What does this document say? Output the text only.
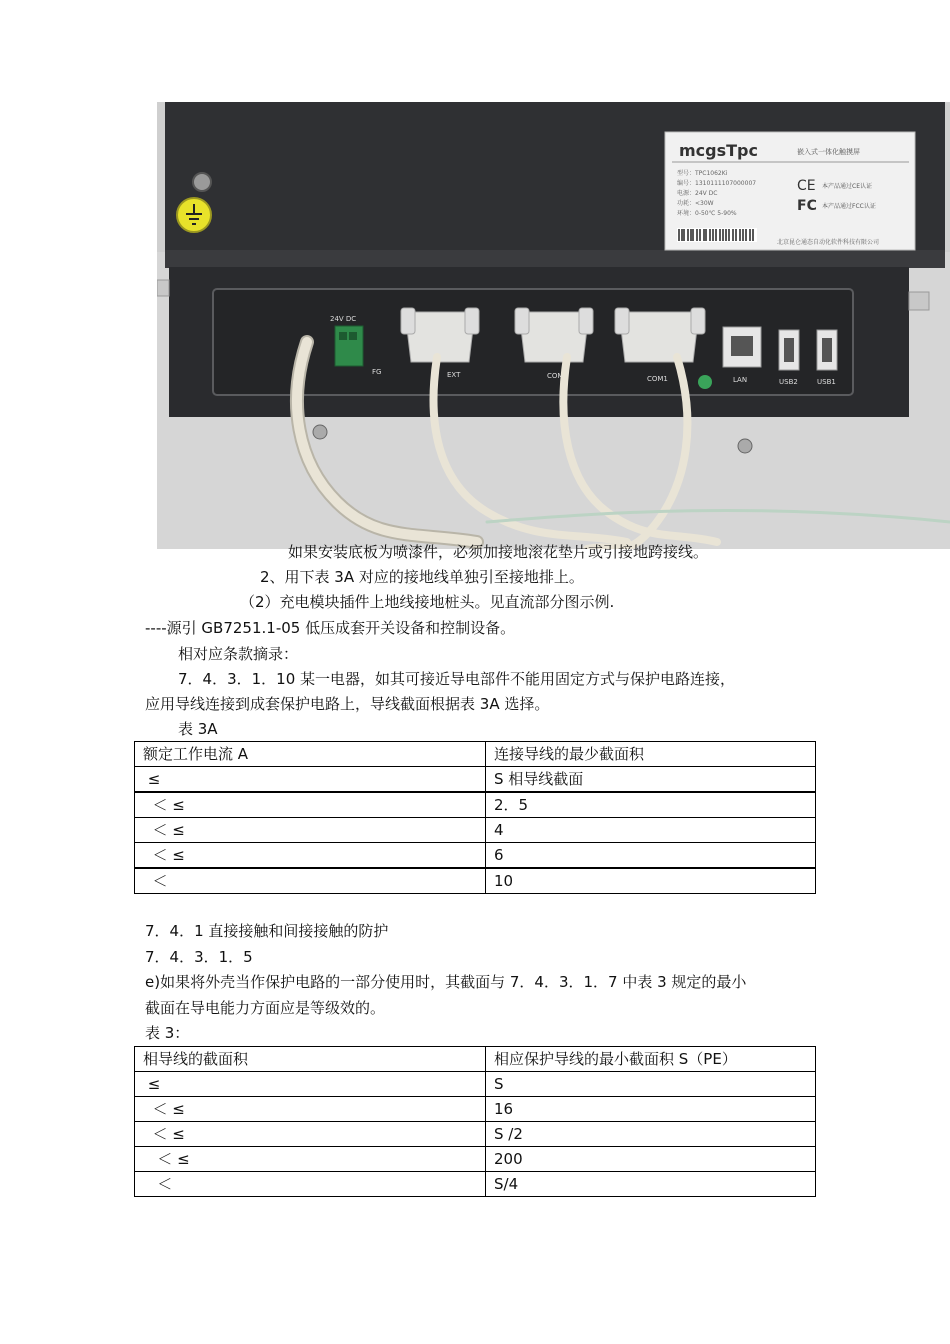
mcgsTpc	嵌入式一体化触摸屏
型号：TPC1062Ki
编号：1310111107000007
电源：24V DC
功耗：<30W
环境：0-50℃ 5-90%
CE 本产品通过CE认证
FC 本产品通过FCC认证
北京昆仑通态自动化软件科技有限公司
24V DC
FG	EXT	COM2	COM1	LAN	USB2	USB1
如果安装底板为喷漆件，必须加接地滚花垫片或引接地跨接线。
2、用下表 3A 对应的接地线单独引至接地排上。
（2）充电模块插件上地线接地桩头。见直流部分图示例.
----源引 GB7251.1-05 低压成套开关设备和控制设备。
相对应条款摘录：
7．4．3．1．10 某一电器，如其可接近导电部件不能用固定方式与保护电路连接，
应用导线连接到成套保护电路上，导线截面根据表 3A 选择。
表 3A
额定工作电流 A	连接导线的最少截面积
≤	S 相导线截面
＜ ≤	2．5
＜ ≤	4
＜ ≤	6
＜	10
7．4．1 直接接触和间接接触的防护
7．4．3．1．5
e)如果将外壳当作保护电路的一部分使用时，其截面与 7．4．3．1．7 中表 3 规定的最小
截面在导电能力方面应是等级效的。
表 3：
相导线的截面积	相应保护导线的最小截面积 S（PE）
≤	S
＜ ≤	16
＜ ≤	S /2
＜ ≤	200
＜	S/4
